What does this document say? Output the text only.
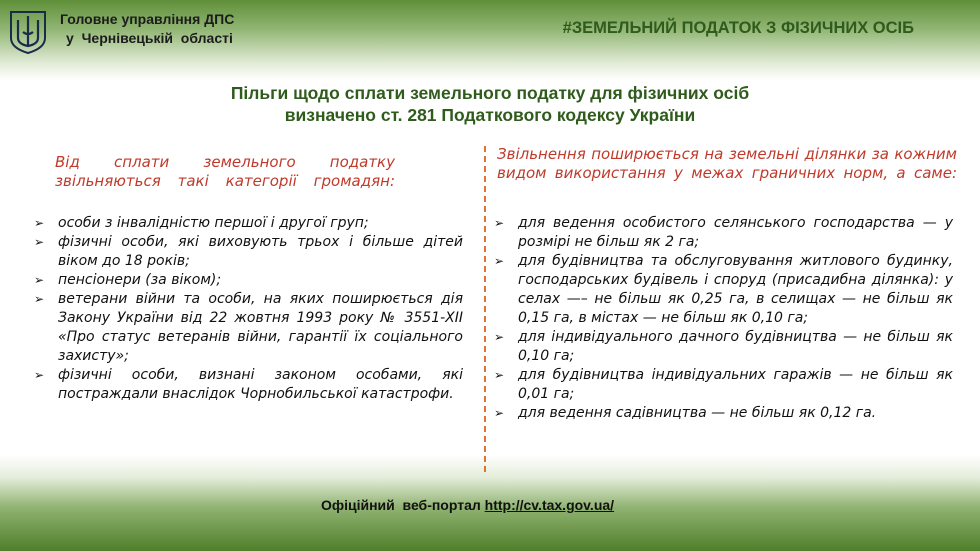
Головне управління ДПС
у  Чернівецькій  області
#ЗЕМЕЛЬНИЙ ПОДАТОК З ФІЗИЧНИХ ОСІБ
Пільги щодо сплати земельного податку для фізичних осіб
визначено ст. 281 Податкового кодексу України
Від сплати земельного податку звільняються такі категорії громадян:
Звільнення поширюється на земельні ділянки за кожним видом використання у межах граничних норм, а саме:
➢ особи з інвалідністю першої і другої груп;
➢ фізичні особи, які виховують трьох і більше дітей віком до 18 років;
➢ пенсіонери (за віком);
➢ ветерани війни та особи, на яких поширюється дія Закону України від 22 жовтня 1993 року № 3551-XII «Про статус ветеранів війни, гарантії їх соціального захисту»;
➢ фізичні особи, визнані законом особами, які постраждали внаслідок Чорнобильської катастрофи.
➢ для ведення особистого селянського господарства — у розмірі не більш як 2 га;
➢ для будівництва та обслуговування житлового будинку, господарських будівель і споруд (присадибна ділянка): у селах —– не більш як 0,25 га, в селищах — не більш як 0,15 га, в містах — не більш як 0,10 га;
➢ для індивідуального дачного будівництва — не більш як 0,10 га;
➢ для будівництва індивідуальних гаражів — не більш як 0,01 га;
➢ для ведення садівництва — не більш як 0,12 га.
Офіційний  веб-портал http://cv.tax.gov.ua/
